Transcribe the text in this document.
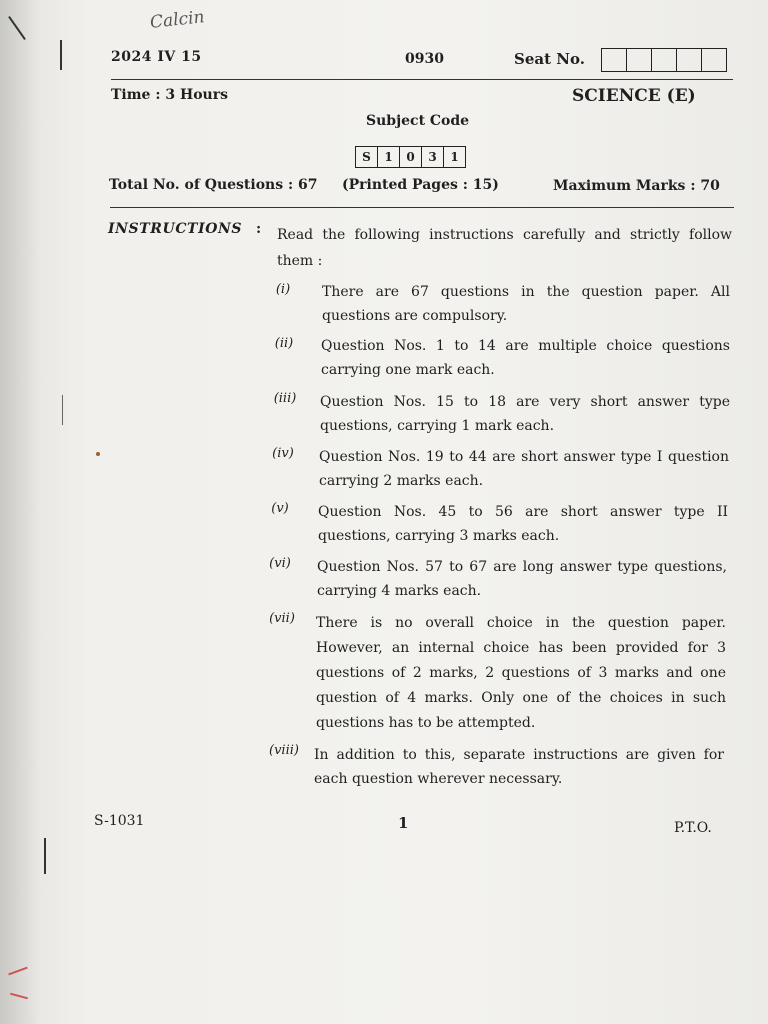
Calcin
2024 IV 15	0930	Seat No.
Time : 3 Hours	SCIENCE (E)
Subject Code
S	1	0	3	1
Total No. of Questions : 67 (Printed Pages : 15)	Maximum Marks : 70
INSTRUCTIONS : Read the following instructions carefully and strictly follow them :
(i)	There are 67 questions in the question paper. All questions are compulsory.
(ii)	Question Nos. 1 to 14 are multiple choice questions carrying one mark each.
(iii)	Question Nos. 15 to 18 are very short answer type questions, carrying 1 mark each.
(iv)	Question Nos. 19 to 44 are short answer type I question carrying 2 marks each.
(v)	Question Nos. 45 to 56 are short answer type II questions, carrying 3 marks each.
(vi)	Question Nos. 57 to 67 are long answer type questions, carrying 4 marks each.
(vii)	There is no overall choice in the question paper. However, an internal choice has been provided for 3 questions of 2 marks, 2 questions of 3 marks and one question of 4 marks. Only one of the choices in such questions has to be attempted.
(viii)	In addition to this, separate instructions are given for each question wherever necessary.
S-1031	1	P.T.O.
